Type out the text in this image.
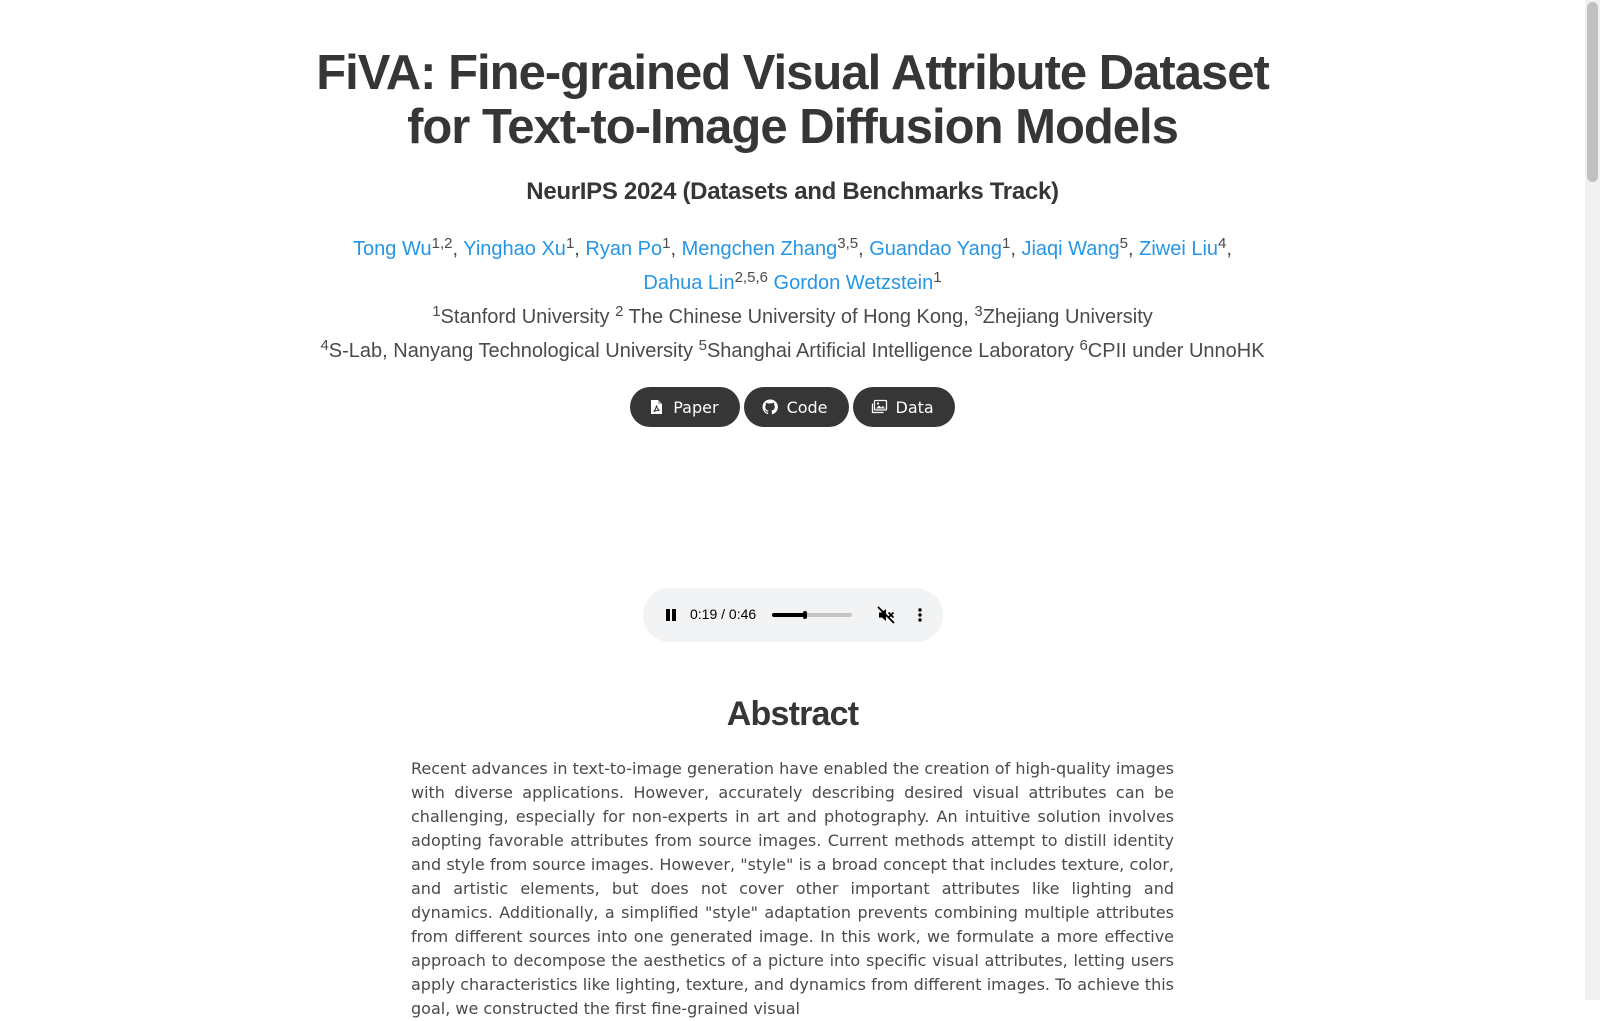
FiVA: Fine-grained Visual Attribute Dataset
for Text-to-Image Diffusion Models
NeurIPS 2024 (Datasets and Benchmarks Track)
Tong Wu$^{1,2}$, Yinghao Xu$^1$, Ryan Po$^1$, Mengchen Zhang$^{3,5}$, Guandao Yang$^1$, Jiaqi Wang$^5$, Ziwei Liu$^4$,
Dahua Lin$^{2,5,6}$ Gordon Wetzstein$^1$
$^1$Stanford University $^2$ The Chinese University of Hong Kong, $^3$Zhejiang University
$^4$S-Lab, Nanyang Technological University $^5$Shanghai Artificial Intelligence Laboratory $^6$CPII under UnnoHK
Paper
	Code
	Data
0:19 / 0:46
Abstract

Recent advances in text-to-image generation have enabled the creation of high-quality images with diverse applications. However, accurately describing desired visual attributes can be challenging, especially for non-experts in art and photography. An intuitive solution involves adopting favorable attributes from source images. Current methods attempt to distill identity and style from source images. However, "style" is a broad concept that includes texture, color, and artistic elements, but does not cover other important attributes like lighting and dynamics. Additionally, a simplified "style" adaptation prevents combining multiple attributes from different sources into one generated image. In this work, we formulate a more effective approach to decompose the aesthetics of a picture into specific visual attributes, letting users apply characteristics like lighting, texture, and dynamics from different images. To achieve this goal, we constructed the first fine-grained visual
